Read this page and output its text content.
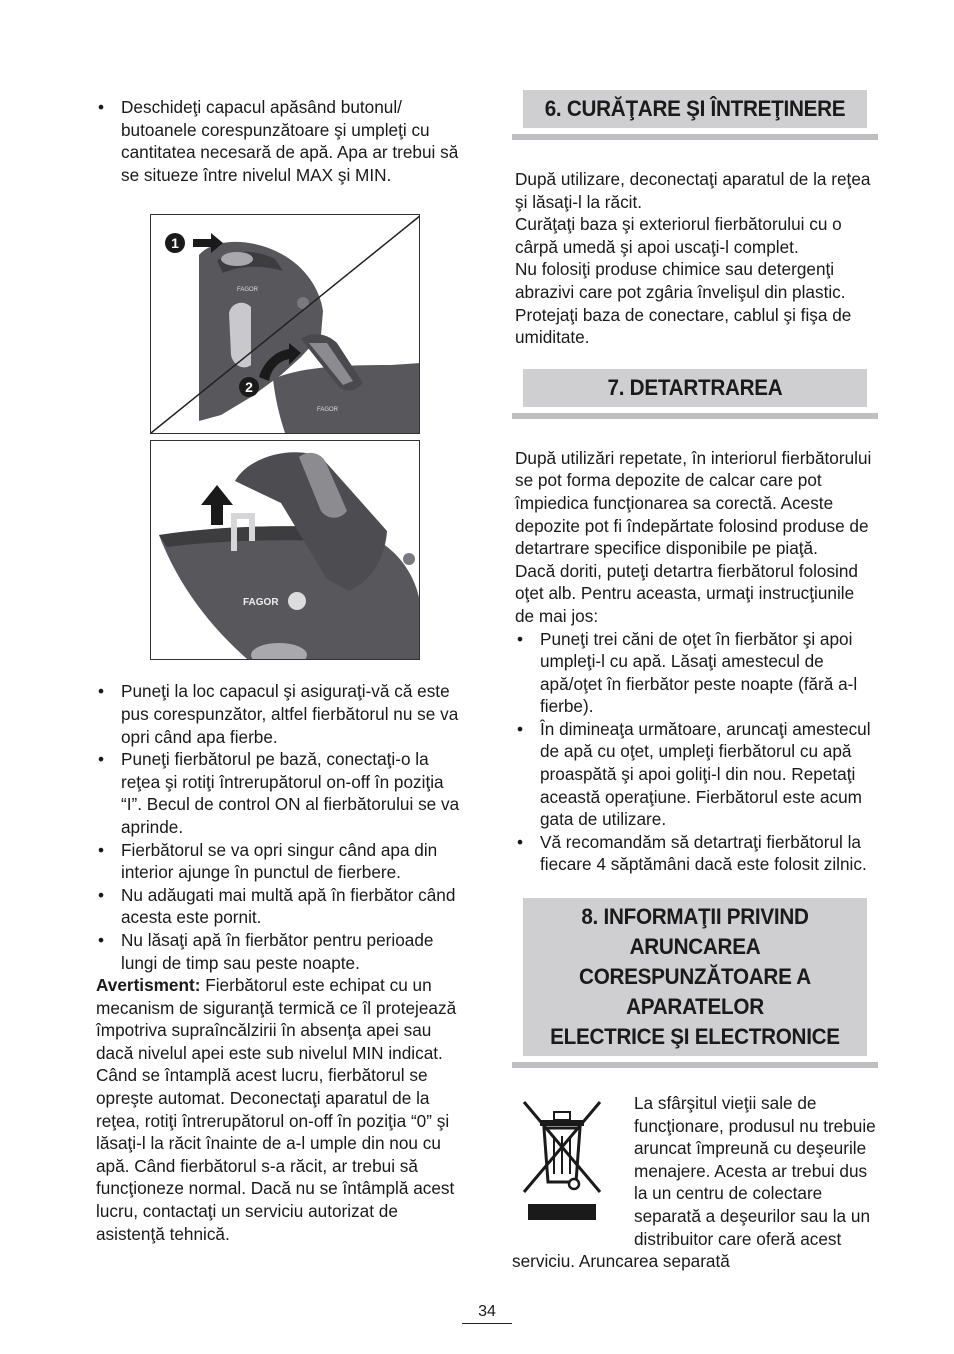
• Deschideţi capacul apăsând butonul/ butoanele corespunzătoare şi umpleţi cu cantitatea necesară de apă. Apa ar trebui să se situeze între nivelul MAX şi MIN.
FAGOR
FAGOR
1
2
FAGOR
• Puneţi la loc capacul şi asiguraţi-vă că este pus corespunzător, altfel fierbătorul nu se va opri când apa fierbe.
• Puneţi fierbătorul pe bază, conectaţi-o la reţea şi rotiţi întrerupătorul on-off în poziţia “I”. Becul de control ON al fierbătorului se va aprinde.
• Fierbătorul se va opri singur când apa din interior ajunge în punctul de fierbere.
• Nu adăugati mai multă apă în fierbător când acesta este pornit.
• Nu lăsaţi apă în fierbător pentru perioade lungi de timp sau peste noapte.

Avertisment: Fierbătorul este echipat cu un mecanism de siguranţă termică ce îl protejează împotriva supraîncălzirii în absenţa apei sau dacă nivelul apei este sub nivelul MIN indicat. Când se întamplă acest lucru, fierbătorul se opreşte automat. Deconectaţi aparatul de la reţea, rotiţi întrerupătorul on-off în poziţia “0” şi lăsaţi-l la răcit înainte de a-l umple din nou cu apă. Când fierbătorul s-a răcit, ar trebui să funcţioneze normal. Dacă nu se întâmplă acest lucru, contactaţi un serviciu autorizat de asistenţă tehnică.

6. CURĂŢARE ŞI ÎNTREŢINERE

După utilizare, deconectaţi aparatul de la reţea şi lăsaţi-l la răcit.

Curăţaţi baza şi exteriorul fierbătorului cu o cârpă umedă şi apoi uscaţi-l complet.

Nu folosiţi produse chimice sau detergenţi abrazivi care pot zgâria învelişul din plastic.

Protejaţi baza de conectare, cablul şi fişa de umiditate.

7. DETARTRAREA

După utilizări repetate, în interiorul fierbătorului se pot forma depozite de calcar care pot împiedica funcţionarea sa corectă. Aceste depozite pot fi îndepărtate folosind produse de detartrare specifice disponibile pe piaţă.

Dacă doriti, puteţi detartra fierbătorul folosind oţet alb. Pentru aceasta, urmaţi instrucţiunile de mai jos:

• Puneţi trei căni de oţet în fierbător şi apoi umpleţi-l cu apă. Lăsaţi amestecul de apă/oţet în fierbător peste noapte (fără a-l fierbe).
• În dimineaţa următoare, aruncaţi amestecul de apă cu oţet, umpleţi fierbătorul cu apă proaspătă şi apoi goliţi-l din nou. Repetaţi această operaţiune. Fierbătorul este acum gata de utilizare.
• Vă recomandăm să detartraţi fierbătorul la fiecare 4 săptămâni dacă este folosit zilnic.
8. INFORMAŢII PRIVIND ARUNCAREA
CORESPUNZĂTOARE A APARATELOR
ELECTRICE ŞI ELECTRONICE

La sfârşitul vieţii sale de funcţionare, produsul nu trebuie aruncat împreună cu deşeurile menajere. Acesta ar trebui dus la un centru de colectare separată a deşeurilor sau la un distribuitor care oferă acest serviciu. Aruncarea separată

34
